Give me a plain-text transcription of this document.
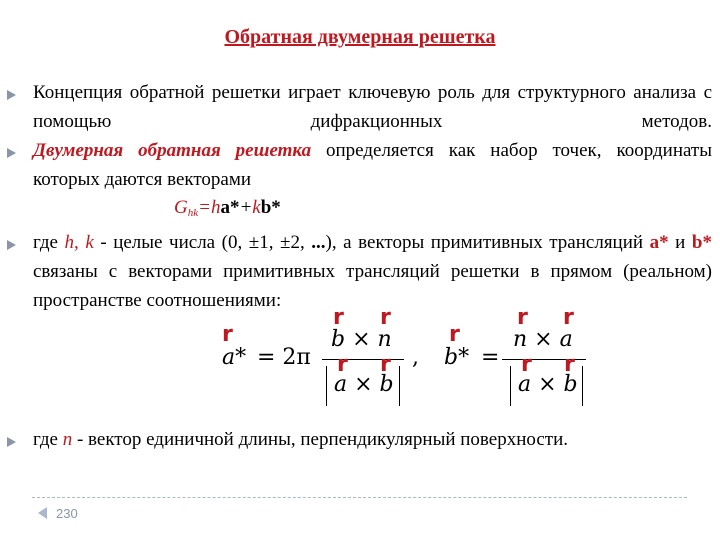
Обратная двумерная решетка
Концепция обратной решетки играет ключевую роль для структурного анализа с помощью дифракционных методов.
Двумерная обратная решетка определяется как набор точек, координаты которых даются векторами
$G_{hk}=ha*+kb*$
где h, k - целые числа (0, ±1, ±2, ...), а векторы примитивных трансляций a* и b* связаны с векторами примитивных трансляций решетки в прямом (реальном) пространстве соотношениями:
r
a* = 2π
r r
b × n
r r
a × b
,
r
b* =
r r
n × a
r r
a × b
где n - вектор единичной длины, перпендикулярный поверхности.
230
